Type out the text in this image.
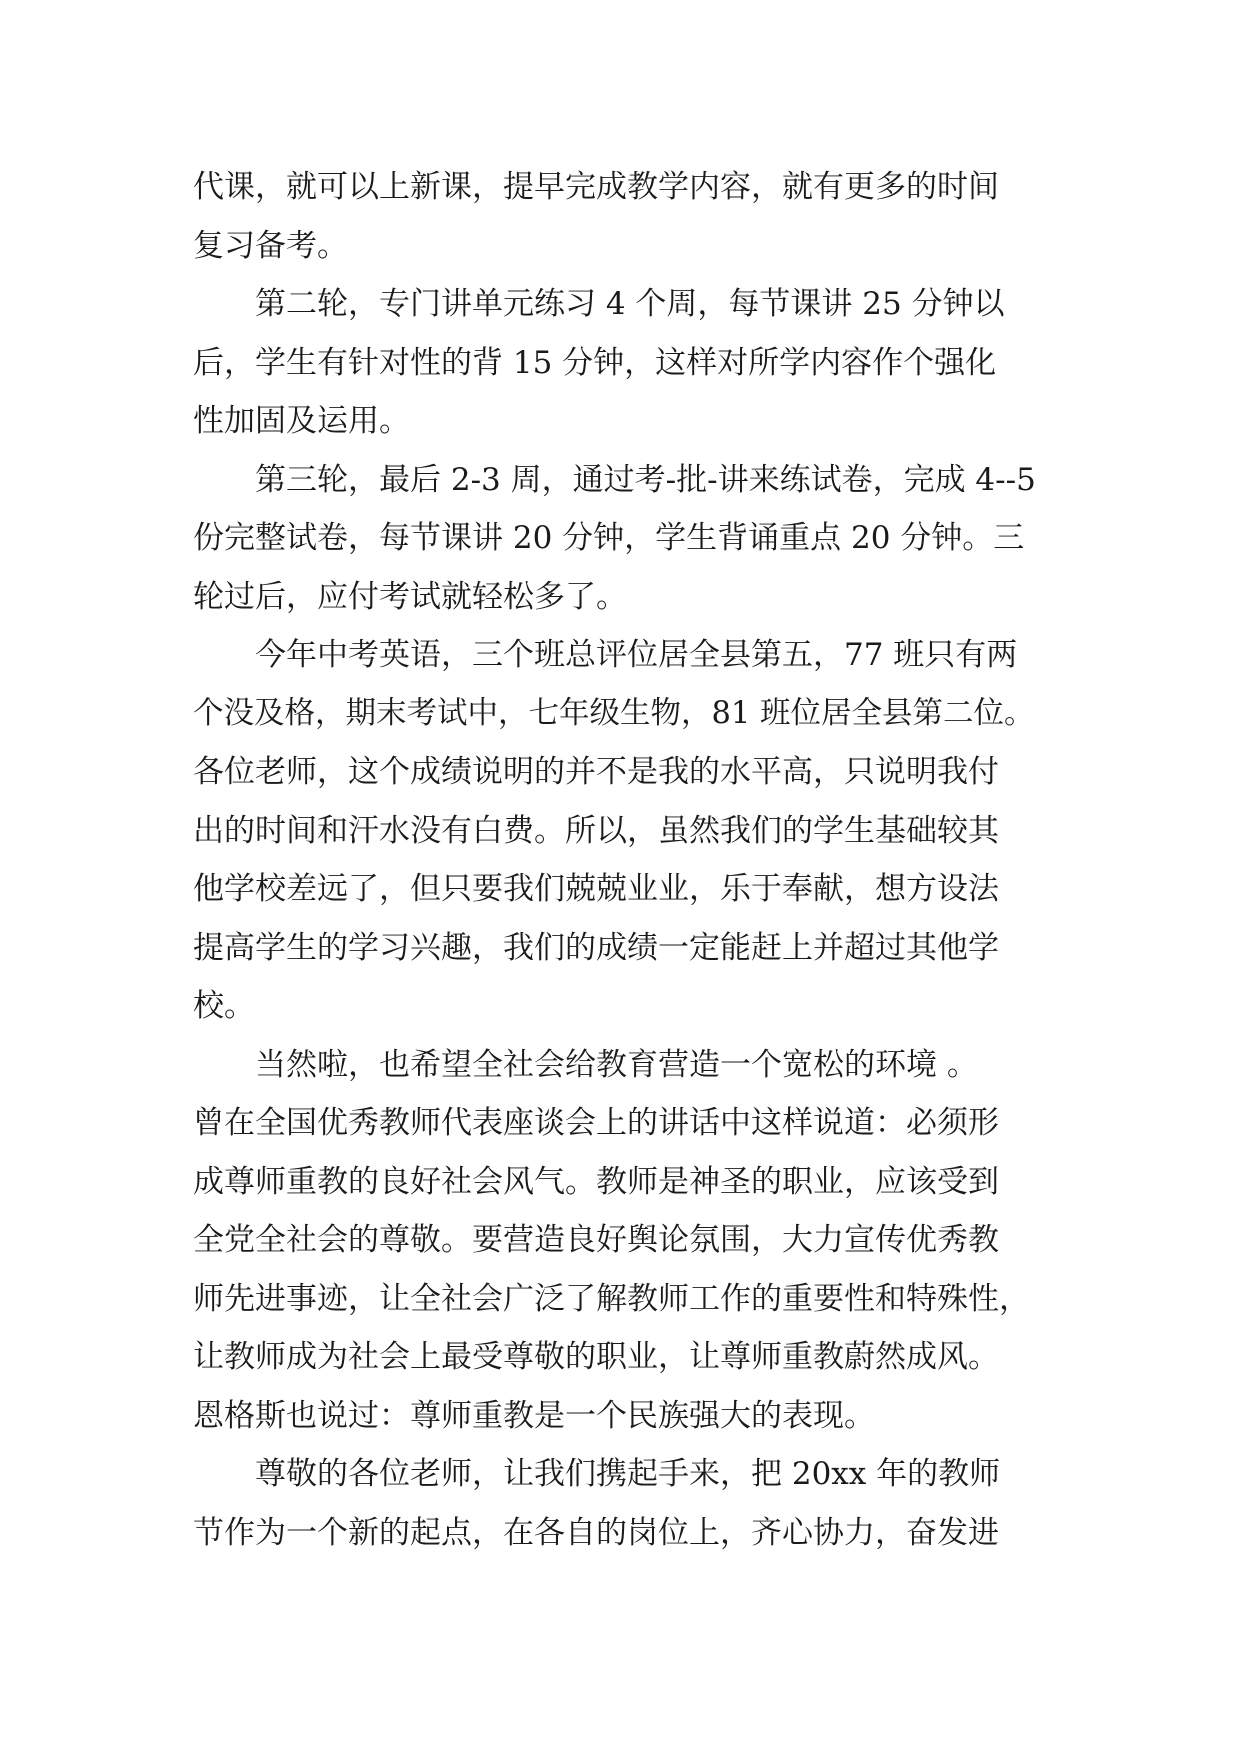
代课，就可以上新课，提早完成教学内容，就有更多的时间
复习备考。
第二轮，专门讲单元练习 4 个周，每节课讲 25 分钟以
后，学生有针对性的背 15 分钟，这样对所学内容作个强化
性加固及运用。
第三轮，最后 2-3 周，通过考-批-讲来练试卷，完成 4--5
份完整试卷，每节课讲 20 分钟，学生背诵重点 20 分钟。三
轮过后，应付考试就轻松多了。
今年中考英语，三个班总评位居全县第五，77 班只有两
个没及格，期末考试中，七年级生物，81 班位居全县第二位。
各位老师，这个成绩说明的并不是我的水平高，只说明我付
出的时间和汗水没有白费。所以，虽然我们的学生基础较其
他学校差远了，但只要我们兢兢业业，乐于奉献，想方设法
提高学生的学习兴趣，我们的成绩一定能赶上并超过其他学
校。
当然啦，也希望全社会给教育营造一个宽松的环境 。
曾在全国优秀教师代表座谈会上的讲话中这样说道：必须形
成尊师重教的良好社会风气。教师是神圣的职业，应该受到
全党全社会的尊敬。要营造良好舆论氛围，大力宣传优秀教
师先进事迹，让全社会广泛了解教师工作的重要性和特殊性，
让教师成为社会上最受尊敬的职业，让尊师重教蔚然成风。
恩格斯也说过：尊师重教是一个民族强大的表现。
尊敬的各位老师，让我们携起手来，把 20xx 年的教师
节作为一个新的起点，在各自的岗位上，齐心协力，奋发进
